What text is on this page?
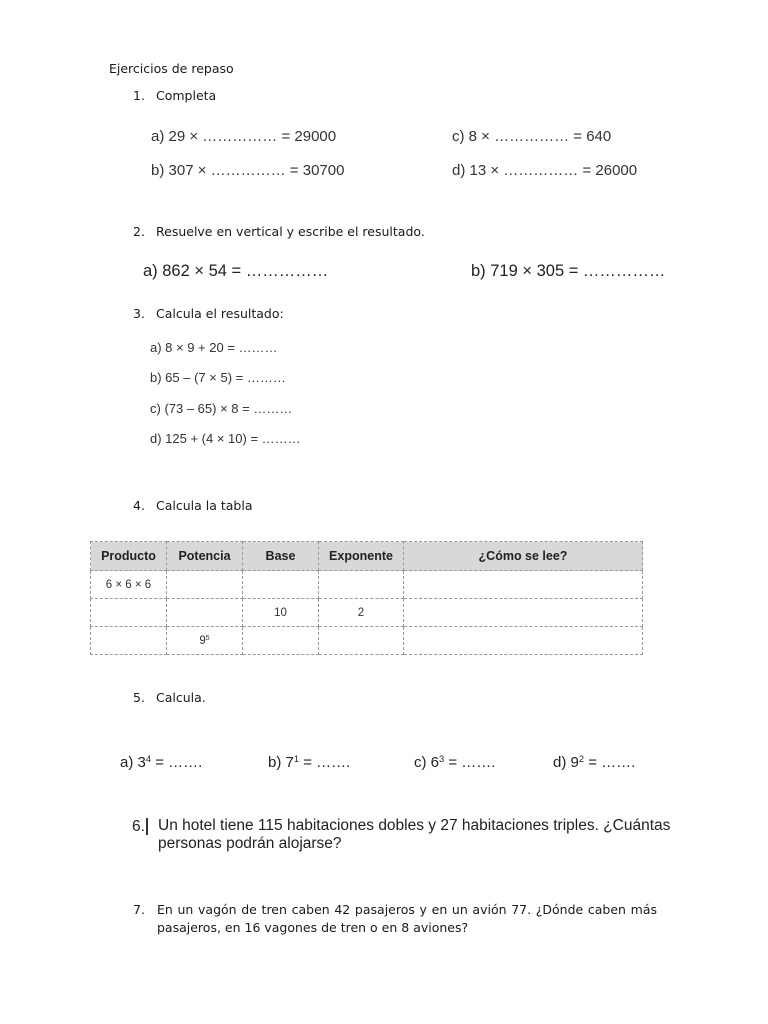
Ejercicios de repaso
1. Completa
a) 29 × …………… = 29000
b) 307 × …………… = 30700
c) 8 × …………… = 640
d) 13 × …………… = 26000
2. Resuelve en vertical y escribe el resultado.
a) 862 × 54 = ……………	b) 719 × 305 = ……………
3. Calcula el resultado:
a) 8 × 9 + 20 = ………
b) 65 – (7 × 5) = ………
c) (73 – 65) × 8 = ………
d) 125 + (4 × 10) = ………
4. Calcula la tabla
Producto	Potencia	Base	Exponente	¿Cómo se lee?
6 × 6 × 6				
		10	2	
	$9^5$			
5. Calcula.
a) $3^4$ = …….	b) $7^1$ = …….	c) $6^3$ = …….	d) $9^2$ = …….
6. Un hotel tiene 115 habitaciones dobles y 27 habitaciones triples. ¿Cuántas
personas podrán alojarse?
7. En un vagón de tren caben 42 pasajeros y en un avión 77. ¿Dónde caben más pasajeros, en 16 vagones de tren o en 8 aviones?
